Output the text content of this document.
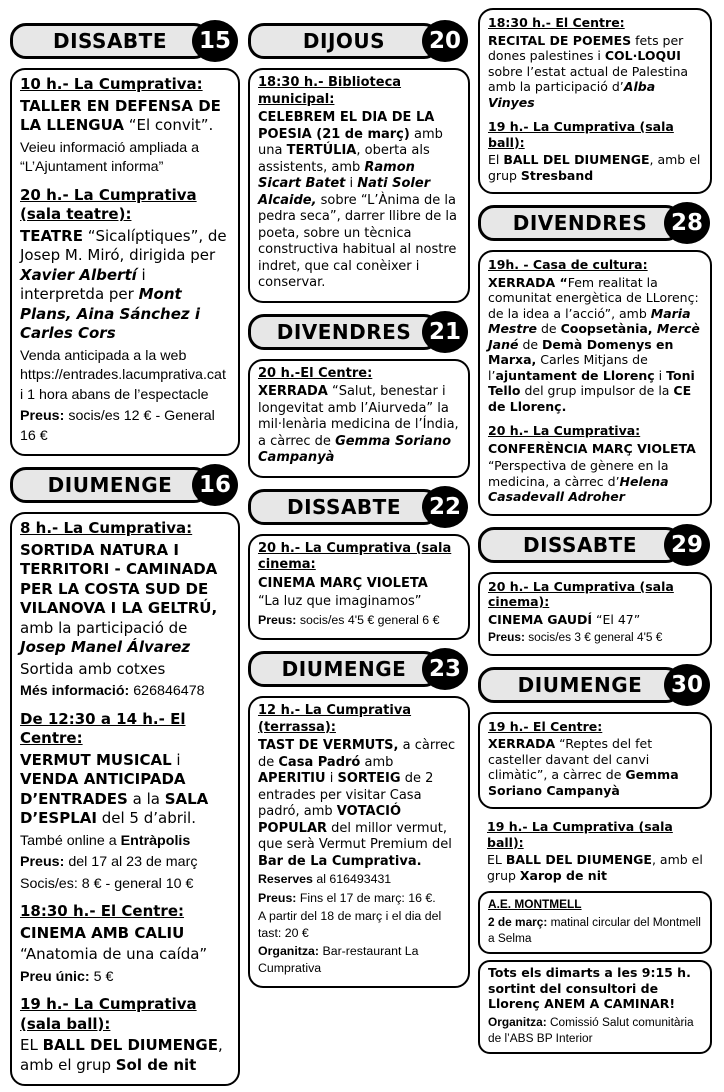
DISSABTE 15

10 h.- La Cumprativa:

TALLER EN DEFENSA DE LA LLENGUA “El convit”.

Veieu informació ampliada a “L’Ajuntament informa”

20 h.- La Cumprativa (sala teatre):

TEATRE “Sicalíptiques”, de Josep M. Miró, dirigida per Xavier Albertí i interpretda per Mont Plans, Aina Sánchez i Carles Cors

Venda anticipada a la web https://entrades.lacumprativa.cat i 1 hora abans de l’espectacle

Preus: socis/es 12 € - General 16 €

DIUMENGE 16

8 h.- La Cumprativa:

SORTIDA NATURA I TERRITORI - CAMINADA PER LA COSTA SUD DE VILANOVA I LA GELTRÚ, amb la participació de Josep Manel Álvarez

Sortida amb cotxes

Més informació: 626846478

De 12:30 a 14 h.- El Centre:

VERMUT MUSICAL i VENDA ANTICIPADA D’ENTRADES a la SALA D’ESPLAI del 5 d’abril.

També online a Entràpolis

Preus: del 17 al 23 de març

Socis/es: 8 € - general 10 €

18:30 h.- El Centre:

CINEMA AMB CALIU

“Anatomia de una caída”

Preu únic: 5 €

19 h.- La Cumprativa (sala ball):

EL BALL DEL DIUMENGE, amb el grup Sol de nit

DIJOUS 20

18:30 h.- Biblioteca municipal:

CELEBREM EL DIA DE LA POESIA (21 de març) amb una TERTÚLIA, oberta als assistents, amb Ramon Sicart Batet i Nati Soler Alcaide, sobre “L’Ànima de la pedra seca”, darrer llibre de la poeta, sobre un tècnica constructiva habitual al nostre indret, que cal conèixer i conservar.

DIVENDRES 21

20 h.-El Centre:

XERRADA “Salut, benestar i longevitat amb l’Aiurveda” la mil·lenària medicina de l’Índia, a càrrec de Gemma Soriano Campanyà

DISSABTE 22

20 h.- La Cumprativa (sala cinema:

CINEMA MARÇ VIOLETA

“La luz que imaginamos”

Preus: socis/es 4'5 € general 6 €

DIUMENGE 23

12 h.- La Cumprativa (terrassa):

TAST DE VERMUTS, a càrrec de Casa Padró amb APERITIU i SORTEIG de 2 entrades per visitar Casa padró, amb VOTACIÓ POPULAR del millor vermut, que serà Vermut Premium del Bar de La Cumprativa.

Reserves al 616493431

Preus: Fins el 17 de març: 16 €.

A partir del 18 de març i el dia del tast: 20 €

Organitza: Bar-restaurant La Cumprativa

18:30 h.- El Centre:

RECITAL DE POEMES fets per dones palestines i COL·LOQUI sobre l’estat actual de Palestina amb la participació d’Alba Vinyes

19 h.- La Cumprativa (sala ball):

El BALL DEL DIUMENGE, amb el grup Stresband

DIVENDRES 28

19h. - Casa de cultura:

XERRADA “Fem realitat la comunitat energètica de LLorenç: de la idea a l’acció”, amb Maria Mestre de Coopsetània, Mercè Jané de Demà Domenys en Marxa, Carles Mitjans de l’ajuntament de Llorenç i Toni Tello del grup impulsor de la CE de Llorenç.

20 h.- La Cumprativa:

CONFERÈNCIA MARÇ VIOLETA

“Perspectiva de gènere en la medicina, a càrrec d’Helena Casadevall Adroher

DISSABTE 29

20 h.- La Cumprativa (sala cinema):

CINEMA GAUDÍ “El 47”

Preus: socis/es 3 € general 4'5 €

DIUMENGE 30

19 h.- El Centre:

XERRADA “Reptes del fet casteller davant del canvi climàtic”, a càrrec de Gemma Soriano Campanyà

19 h.- La Cumprativa (sala ball):

EL BALL DEL DIUMENGE, amb el grup Xarop de nit

A.E. MONTMELL

2 de març: matinal circular del Montmell a Selma

Tots els dimarts a les 9:15 h. sortint del consultori de Llorenç ANEM A CAMINAR!

Organitza: Comissió Salut comunitària de l’ABS BP Interior
